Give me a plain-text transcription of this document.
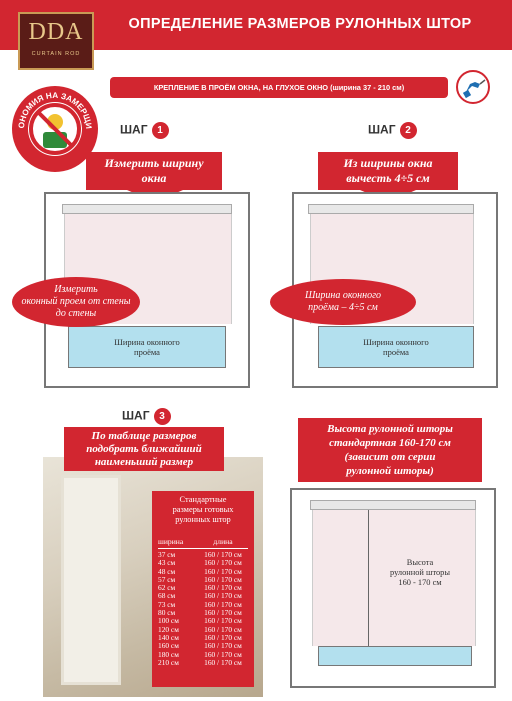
DDA
CURTAIN ROD
ОПРЕДЕЛЕНИЕ РАЗМЕРОВ РУЛОННЫХ ШТОР
КРЕПЛЕНИЕ В ПРОЁМ ОКНА, НА ГЛУХОЕ ОКНО (ширина 37 - 210 см)
ОНОМИЯ НА ЗАМЕРЩИ ШАГ 1
Измерить ширину
окна
Ширина оконного
проёма
Измерить
оконный проем от стены
до стены
ШАГ 2
Из ширины окна
вычесть 4÷5 см
Ширина оконного
проёма
Ширина оконного
проёма – 4÷5 см
ШАГ 3
По таблице размеров
подобрать ближайший
наименьший размер
Стандартные
размеры готовых
рулонных штор
ширина	длина
37 см	160 / 170 см
43 см	160 / 170 см
48 см	160 / 170 см
57 см	160 / 170 см
62 см	160 / 170 см
68 см	160 / 170 см
73 см	160 / 170 см
80 см	160 / 170 см
100 см	160 / 170 см
120 см	160 / 170 см
140 см	160 / 170 см
160 см	160 / 170 см
180 см	160 / 170 см
210 см	160 / 170 см
Высота рулонной шторы
стандартная 160-170 см
(зависит от серии
рулонной шторы)
Высота
рулонной шторы
160 - 170 см
